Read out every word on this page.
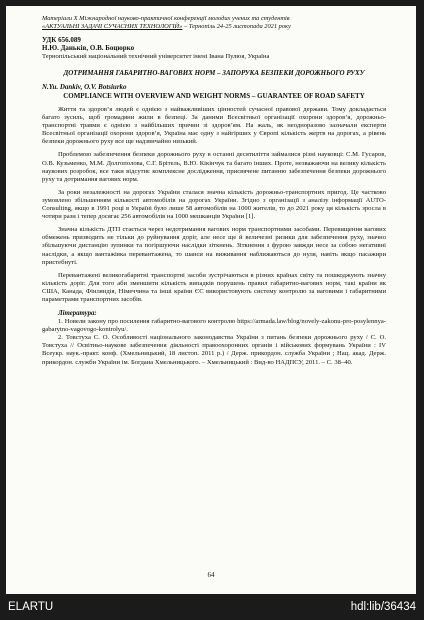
Матеріали Х Міжнародної науково-практичної конференції молодих учених та студентів
«АКТУАЛЬНІ ЗАДАЧІ СУЧАСНИХ ТЕХНОЛОГІЙ» – Тернопіль 24-25 листопада 2021 року
УДК 656.089
Н.Ю. Даньків, О.В. Боцюрко
Тернопільський національний технічний університет імені Івана Пулюя, Україна
ДОТРИМАННЯ ГАБАРИТНО-ВАГОВИХ НОРМ – ЗАПОРУКА БЕЗПЕКИ ДОРОЖНЬОГО РУХУ
N.Yu. Dankiv, O.V. Botsiurko
COMPLIANCE WITH OVERVIEW AND WEIGHT NORMS – GUARANTEE OF ROAD SAFETY

Життя та здоров’я людей є однією з найважливіших цінностей сучасної правової держави. Тому докладається багато зусиль, щоб громадяни жили в безпеці. За даними Всесвітньої організації охорони здоров’я, дорожньо-транспортні травми є однією з найбільших причин зі здоров’ям. На жаль, як неодноразово зазначали експерти Всесвітньої організації охорони здоров’я, Україна має одну з найгірших у Європі кількість жертв на дорогах, а рівень безпеки дорожнього руху все ще надзвичайно низький.

Проблемою забезпечення безпеки дорожнього руху в останні десятиліття займалися різні науковці: С.М. Гусаров, О.В. Кузьменко, М.М. Долгополова, С.Г. Брітель, В.Ю. Кікінчук та багато інших. Проте, незважаючи на велику кількість наукових розробок, все таки відсутнє комплексне дослідження, присвячене питанню забезпечення безпеки дорожнього руху та дотримання вагових норм.

За роки незалежності на дорогах України сталася значна кількість дорожньо-транспортних пригод. Це частково зумовлено збільшенням кількості автомобілів на дорогах України. Згідно з організації з аналізу інформації AUTO-Consulting, якщо в 1991 році в Україні було лише 58 автомобілів на 1000 жителів, то до 2021 року ця кількість зросла в чотири рази і тепер досягає 256 автомобілів на 1000 мешканців України [1].

Значна кількість ДТП стається через недотримання вагових норм транспортними засобами. Перевищення вагових обмежень призводить не тільки до руйнування доріг, але несе ще й величезні ризики для забезпечення руху, значно збільшуючи дистанцію зупинки та погіршуючи наслідки зіткнень. Зіткнення з фурою завжди несе за собою негативні наслідки, а якщо вантажівка перевантажена, то шанси на виживання наближаються до нуля, навіть якщо пасажири пристебнуті.

Перевантажені великогабаритні транспортні засоби зустрічаються в різних країнах світу та пошкоджують значну кількість доріг. Для того аби зменшити кількість випадків порушень правил габаритно-вагових норм, такі країни як США, Канада, Фінляндія, Німеччина та інші країни ЄС використовують систему контролю за ваговими і габаритними параметрами транспортних засобів.

Література:

1. Новели закону про посилення габаритно-вагового контролю https://armada.law/blog/novely-zakonu-pro-posylennya-gabarytno-vagovogo-kontrolyu/.

2. Товстуха С. О. Особливості національного законодавства України з питань безпеки дорожнього руху / С. О. Товстуха // Освітньо-наукове забезпечення діяльності правоохоронних органів і військових формувань України : IV Всеукр. наук.-практ. конф. (Хмельницький, 18 листоп. 2011 р.) / Держ. прикордон. служба України ; Нац. акад. Держ. прикордон. служби України ім. Богдана Хмельницького. – Хмельницький : Вид-во НАДПСУ, 2011. – С. 38–40.

64
ELARTU	hdl:lib/36434
